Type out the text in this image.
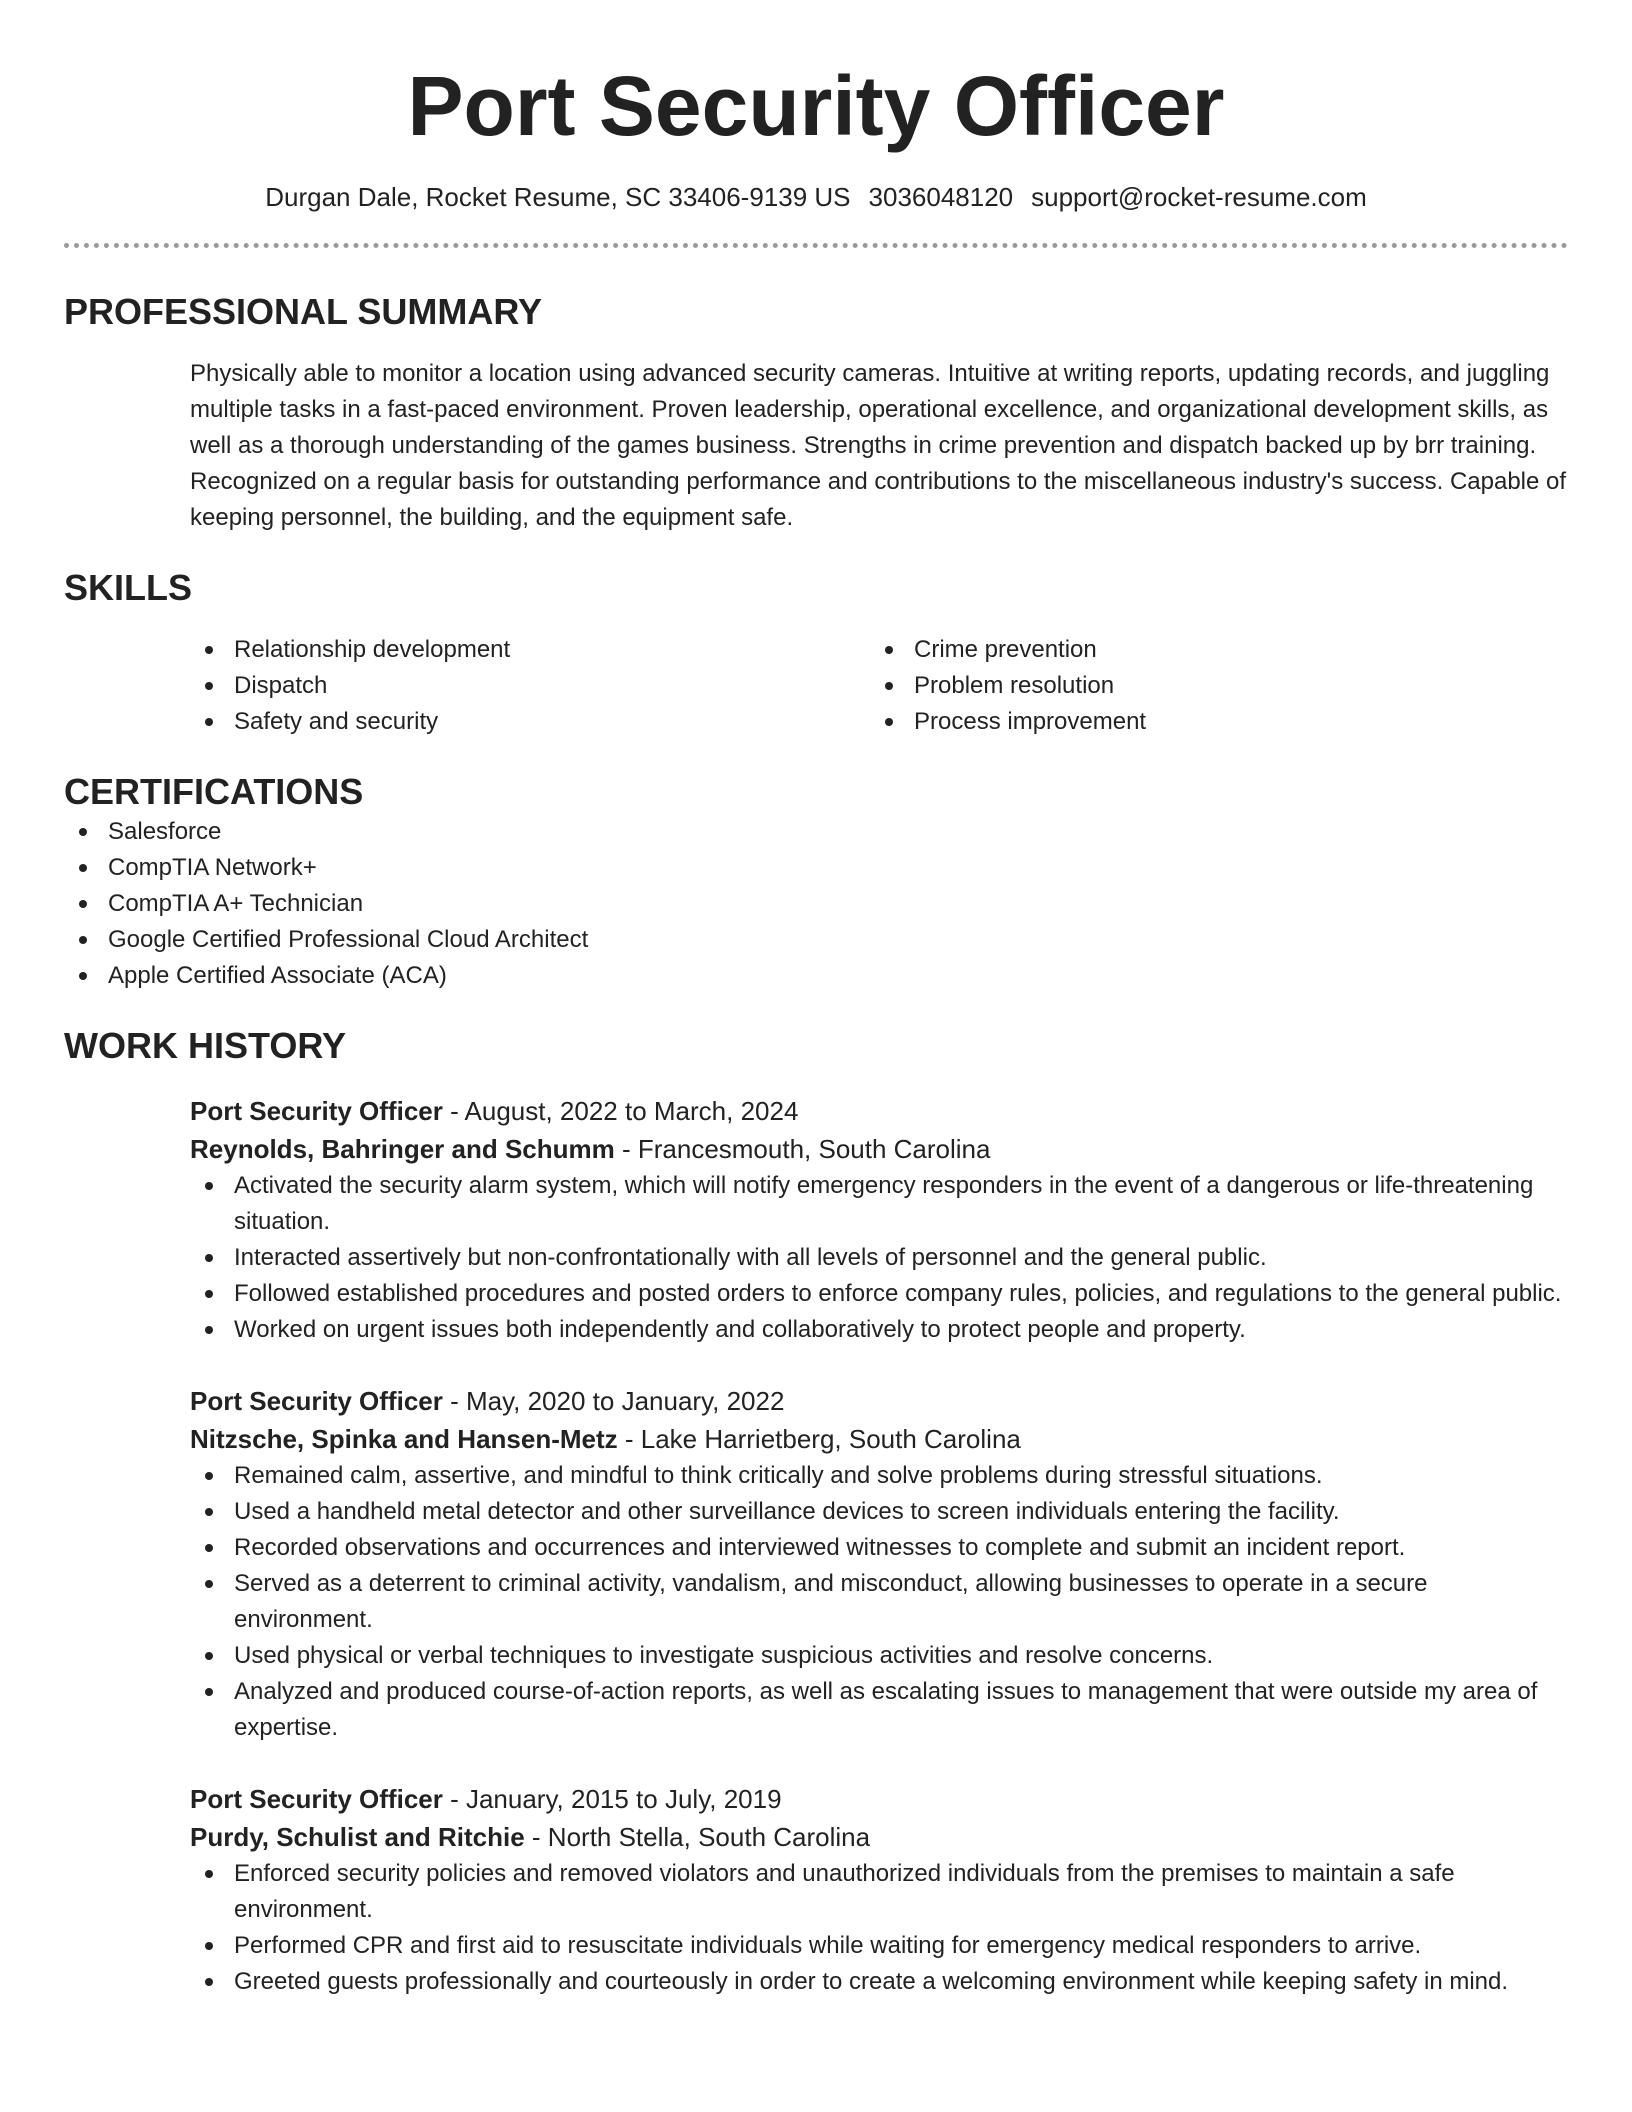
Port Security Officer
Durgan Dale, Rocket Resume, SC 33406-9139 US 3036048120 support@rocket-resume.com
PROFESSIONAL SUMMARY

Physically able to monitor a location using advanced security cameras. Intuitive at writing reports, updating records, and juggling multiple tasks in a fast-paced environment. Proven leadership, operational excellence, and organizational development skills, as well as a thorough understanding of the games business. Strengths in crime prevention and dispatch backed up by brr training. Recognized on a regular basis for outstanding performance and contributions to the miscellaneous industry's success. Capable of keeping personnel, the building, and the equipment safe.

SKILLS
Relationship development
Dispatch
Safety and security
Crime prevention
Problem resolution
Process improvement
CERTIFICATIONS
Salesforce
CompTIA Network+
CompTIA A+ Technician
Google Certified Professional Cloud Architect
Apple Certified Associate (ACA)
WORK HISTORY
Port Security Officer - August, 2022 to March, 2024
Reynolds, Bahringer and Schumm - Francesmouth, South Carolina
Activated the security alarm system, which will notify emergency responders in the event of a dangerous or life-threatening situation.
Interacted assertively but non-confrontationally with all levels of personnel and the general public.
Followed established procedures and posted orders to enforce company rules, policies, and regulations to the general public.
Worked on urgent issues both independently and collaboratively to protect people and property.
Port Security Officer - May, 2020 to January, 2022
Nitzsche, Spinka and Hansen-Metz - Lake Harrietberg, South Carolina
Remained calm, assertive, and mindful to think critically and solve problems during stressful situations.
Used a handheld metal detector and other surveillance devices to screen individuals entering the facility.
Recorded observations and occurrences and interviewed witnesses to complete and submit an incident report.
Served as a deterrent to criminal activity, vandalism, and misconduct, allowing businesses to operate in a secure environment.
Used physical or verbal techniques to investigate suspicious activities and resolve concerns.
Analyzed and produced course-of-action reports, as well as escalating issues to management that were outside my area of expertise.
Port Security Officer - January, 2015 to July, 2019
Purdy, Schulist and Ritchie - North Stella, South Carolina
Enforced security policies and removed violators and unauthorized individuals from the premises to maintain a safe environment.
Performed CPR and first aid to resuscitate individuals while waiting for emergency medical responders to arrive.
Greeted guests professionally and courteously in order to create a welcoming environment while keeping safety in mind.
